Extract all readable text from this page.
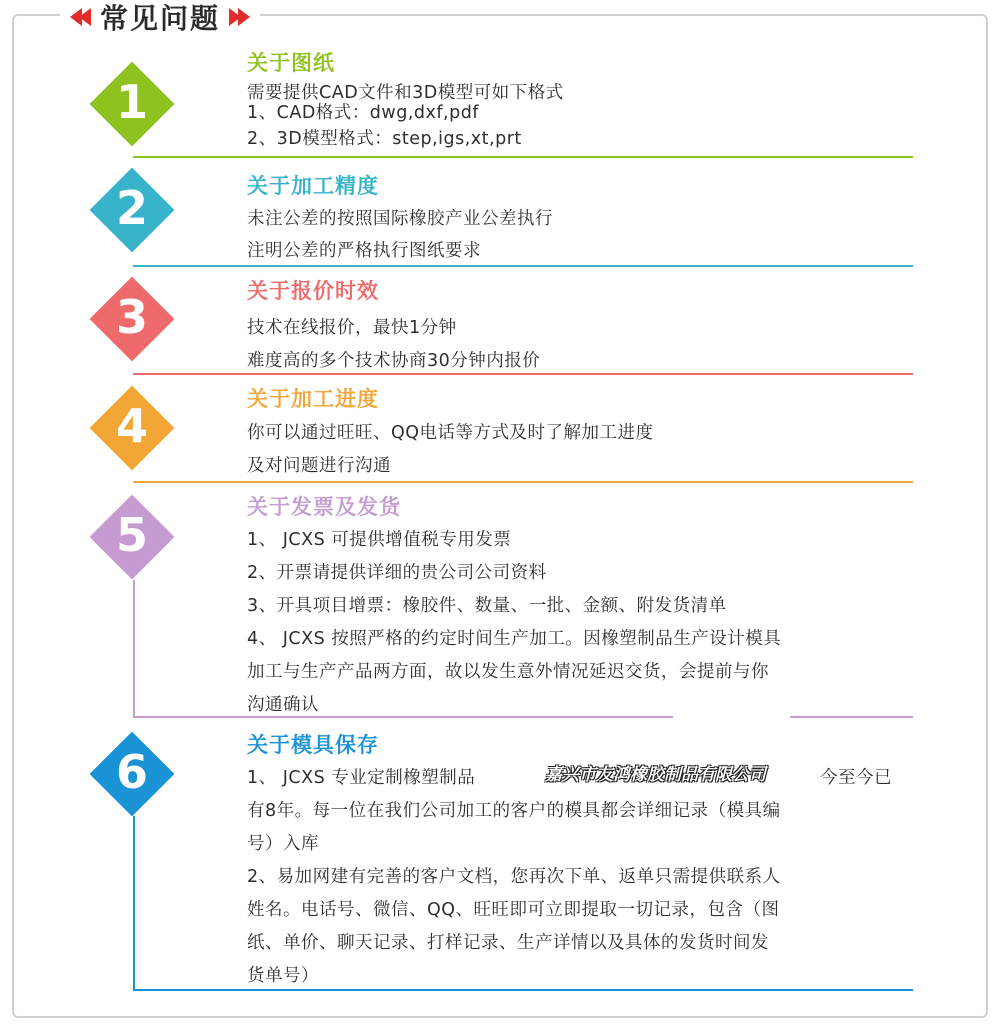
常见问题
1
关于图纸
需要提供CAD文件和3D模型可如下格式
1、CAD格式：dwg,dxf,pdf
2、3D模型格式：step,igs,xt,prt
2	关于加工精度
未注公差的按照国际橡胶产业公差执行
注明公差的严格执行图纸要求
3	关于报价时效
技术在线报价，最快1分钟
难度高的多个技术协商30分钟内报价
4	关于加工进度
你可以通过旺旺、QQ电话等方式及时了解加工进度
及对问题进行沟通
5
关于发票及发货
1、 JCXS 可提供增值税专用发票
2、开票请提供详细的贵公司公司资料
3、开具项目增票：橡胶件、数量、一批、金额、附发货清单
4、 JCXS 按照严格的约定时间生产加工。因橡塑制品生产设计模具
加工与生产产品两方面，故以发生意外情况延迟交货，会提前与你
沟通确认
6	关于模具保存
1、 JCXS 专业定制橡塑制品	今至今已
有8年。每一位在我们公司加工的客户的模具都会详细记录（模具编
号）入库
2、易加网建有完善的客户文档，您再次下单、返单只需提供联系人
姓名。电话号、微信、QQ、旺旺即可立即提取一切记录，包含（图
纸、单价、聊天记录、打样记录、生产详情以及具体的发货时间发
货单号）
嘉兴市友鸿橡胶制品有限公司
